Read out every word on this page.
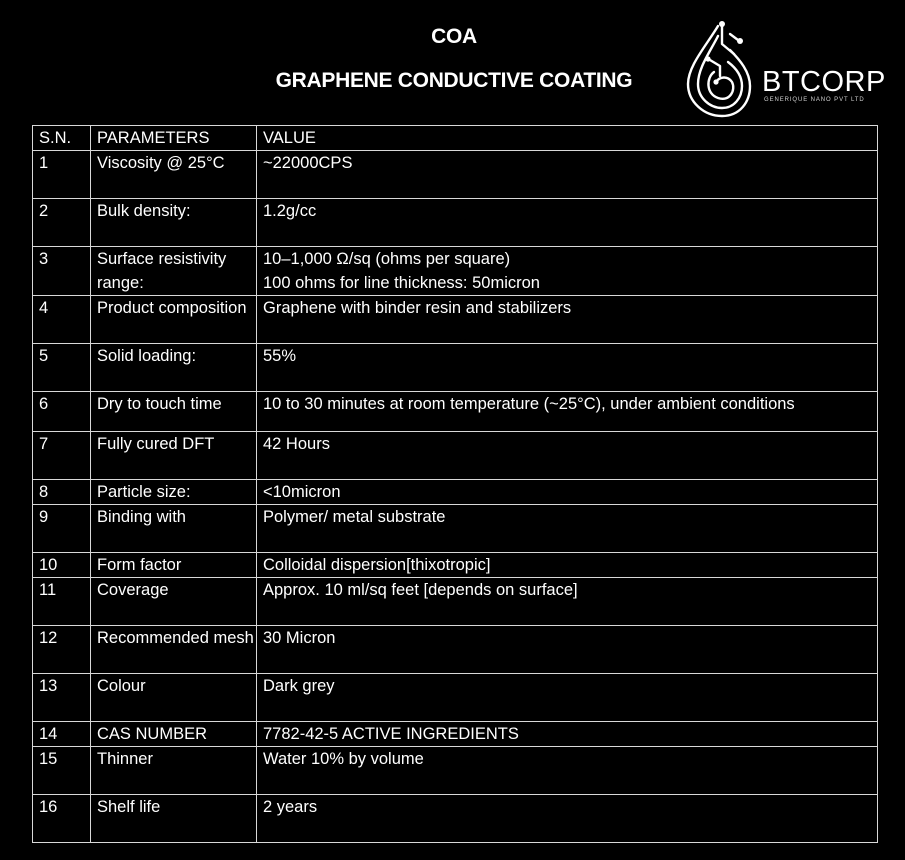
COA
GRAPHENE CONDUCTIVE COATING	BTCORP
GENERIQUE NANO PVT LTD
S.N.	PARAMETERS	VALUE
1	Viscosity @ 25°C	~22000CPS
2	Bulk density:	1.2g/cc
3	Surface resistivity range:	10–1,000 Ω/sq (ohms per square)
100 ohms for line thickness: 50micron

4	Product composition	Graphene with binder resin and stabilizers
5	Solid loading:	55%
6	Dry to touch time	10 to 30 minutes at room temperature (~25°C), under ambient conditions
7	Fully cured DFT	42 Hours
8	Particle size:	<10micron
9	Binding with	Polymer/ metal substrate
10	Form factor	Colloidal dispersion[thixotropic]
11	Coverage	Approx. 10 ml/sq feet [depends on surface]
12	Recommended mesh	30 Micron
13	Colour	Dark grey
14	CAS NUMBER	7782-42-5 ACTIVE INGREDIENTS
15	Thinner	Water 10% by volume
16	Shelf life	2 years
